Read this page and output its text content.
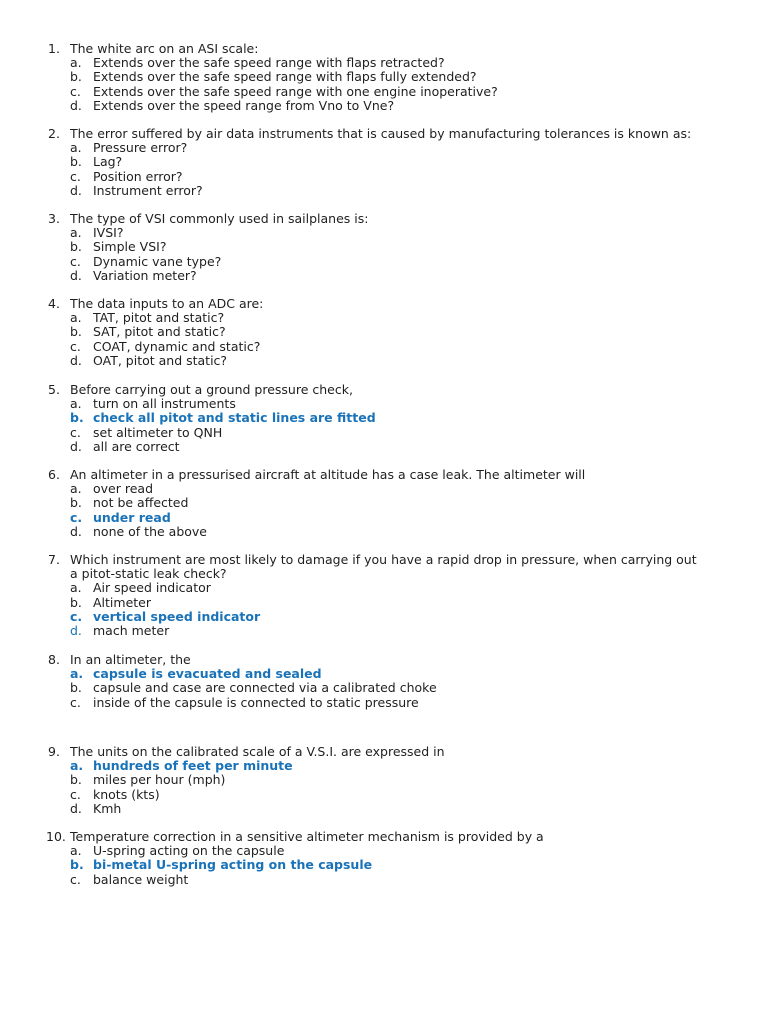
1. The white arc on an ASI scale:
a. Extends over the safe speed range with flaps retracted?
b. Extends over the safe speed range with flaps fully extended?
c. Extends over the safe speed range with one engine inoperative?
d. Extends over the speed range from Vno to Vne?
2. The error suffered by air data instruments that is caused by manufacturing tolerances is known as:
a. Pressure error?
b. Lag?
c. Position error?
d. Instrument error?
3. The type of VSI commonly used in sailplanes is:
a. IVSI?
b. Simple VSI?
c. Dynamic vane type?
d. Variation meter?
4. The data inputs to an ADC are:
a. TAT, pitot and static?
b. SAT, pitot and static?
c. COAT, dynamic and static?
d. OAT, pitot and static?
5. Before carrying out a ground pressure check,
a. turn on all instruments
b. check all pitot and static lines are fitted
c. set altimeter to QNH
d. all are correct
6. An altimeter in a pressurised aircraft at altitude has a case leak. The altimeter will
a. over read
b. not be affected
c. under read
d. none of the above
7. Which instrument are most likely to damage if you have a rapid drop in pressure, when carrying out
a pitot-static leak check?
a. Air speed indicator
b. Altimeter
c. vertical speed indicator
d. mach meter
8. In an altimeter, the
a. capsule is evacuated and sealed
b. capsule and case are connected via a calibrated choke
c. inside of the capsule is connected to static pressure
9. The units on the calibrated scale of a V.S.I. are expressed in
a. hundreds of feet per minute
b. miles per hour (mph)
c. knots (kts)
d. Kmh
10. Temperature correction in a sensitive altimeter mechanism is provided by a
a. U-spring acting on the capsule
b. bi-metal U-spring acting on the capsule
c. balance weight
